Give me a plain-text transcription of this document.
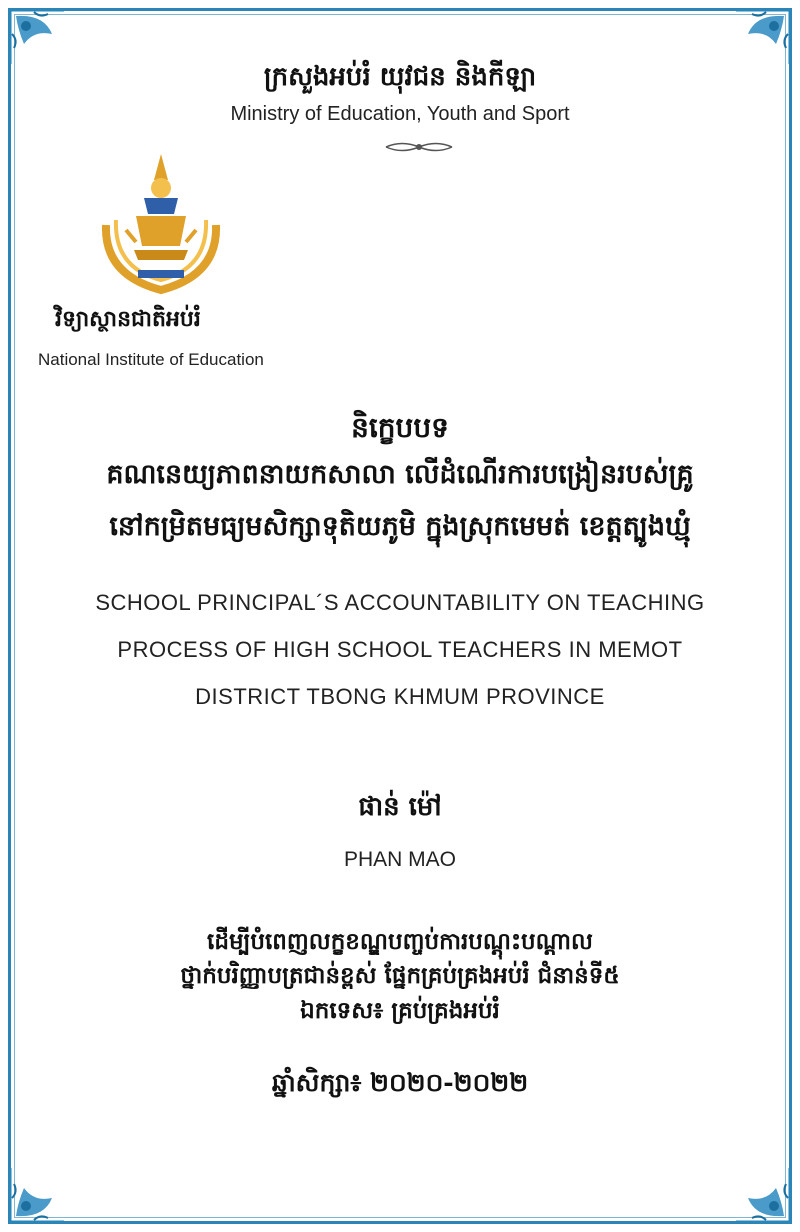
ក្រសួងអប់រំ យុវជន និងកីឡា
Ministry of Education, Youth and Sport
វិទ្យាស្ថានជាតិអប់រំ
National Institute of Education
និក្ខេបបទ
គណនេយ្យភាពនាយកសាលា លើដំណើរការបង្រៀនរបស់គ្រូ
នៅកម្រិតមធ្យមសិក្សាទុតិយភូមិ ក្នុងស្រុកមេមត់ ខេត្តត្បូងឃ្មុំ
SCHOOL PRINCIPAL´S ACCOUNTABILITY ON TEACHING
PROCESS OF HIGH SCHOOL TEACHERS IN MEMOT
DISTRICT TBONG KHMUM PROVINCE
ផាន់ ម៉ៅ
PHAN MAO
ដើម្បីបំពេញលក្ខខណ្ឌបញ្ចប់ការបណ្តុះបណ្តាល
ថ្នាក់បរិញ្ញាបត្រជាន់ខ្ពស់ ផ្នែកគ្រប់គ្រងអប់រំ ជំនាន់ទី៥
ឯកទេស៖ គ្រប់គ្រងអប់រំ
ឆ្នាំសិក្សា៖ ២០២០-២០២២
